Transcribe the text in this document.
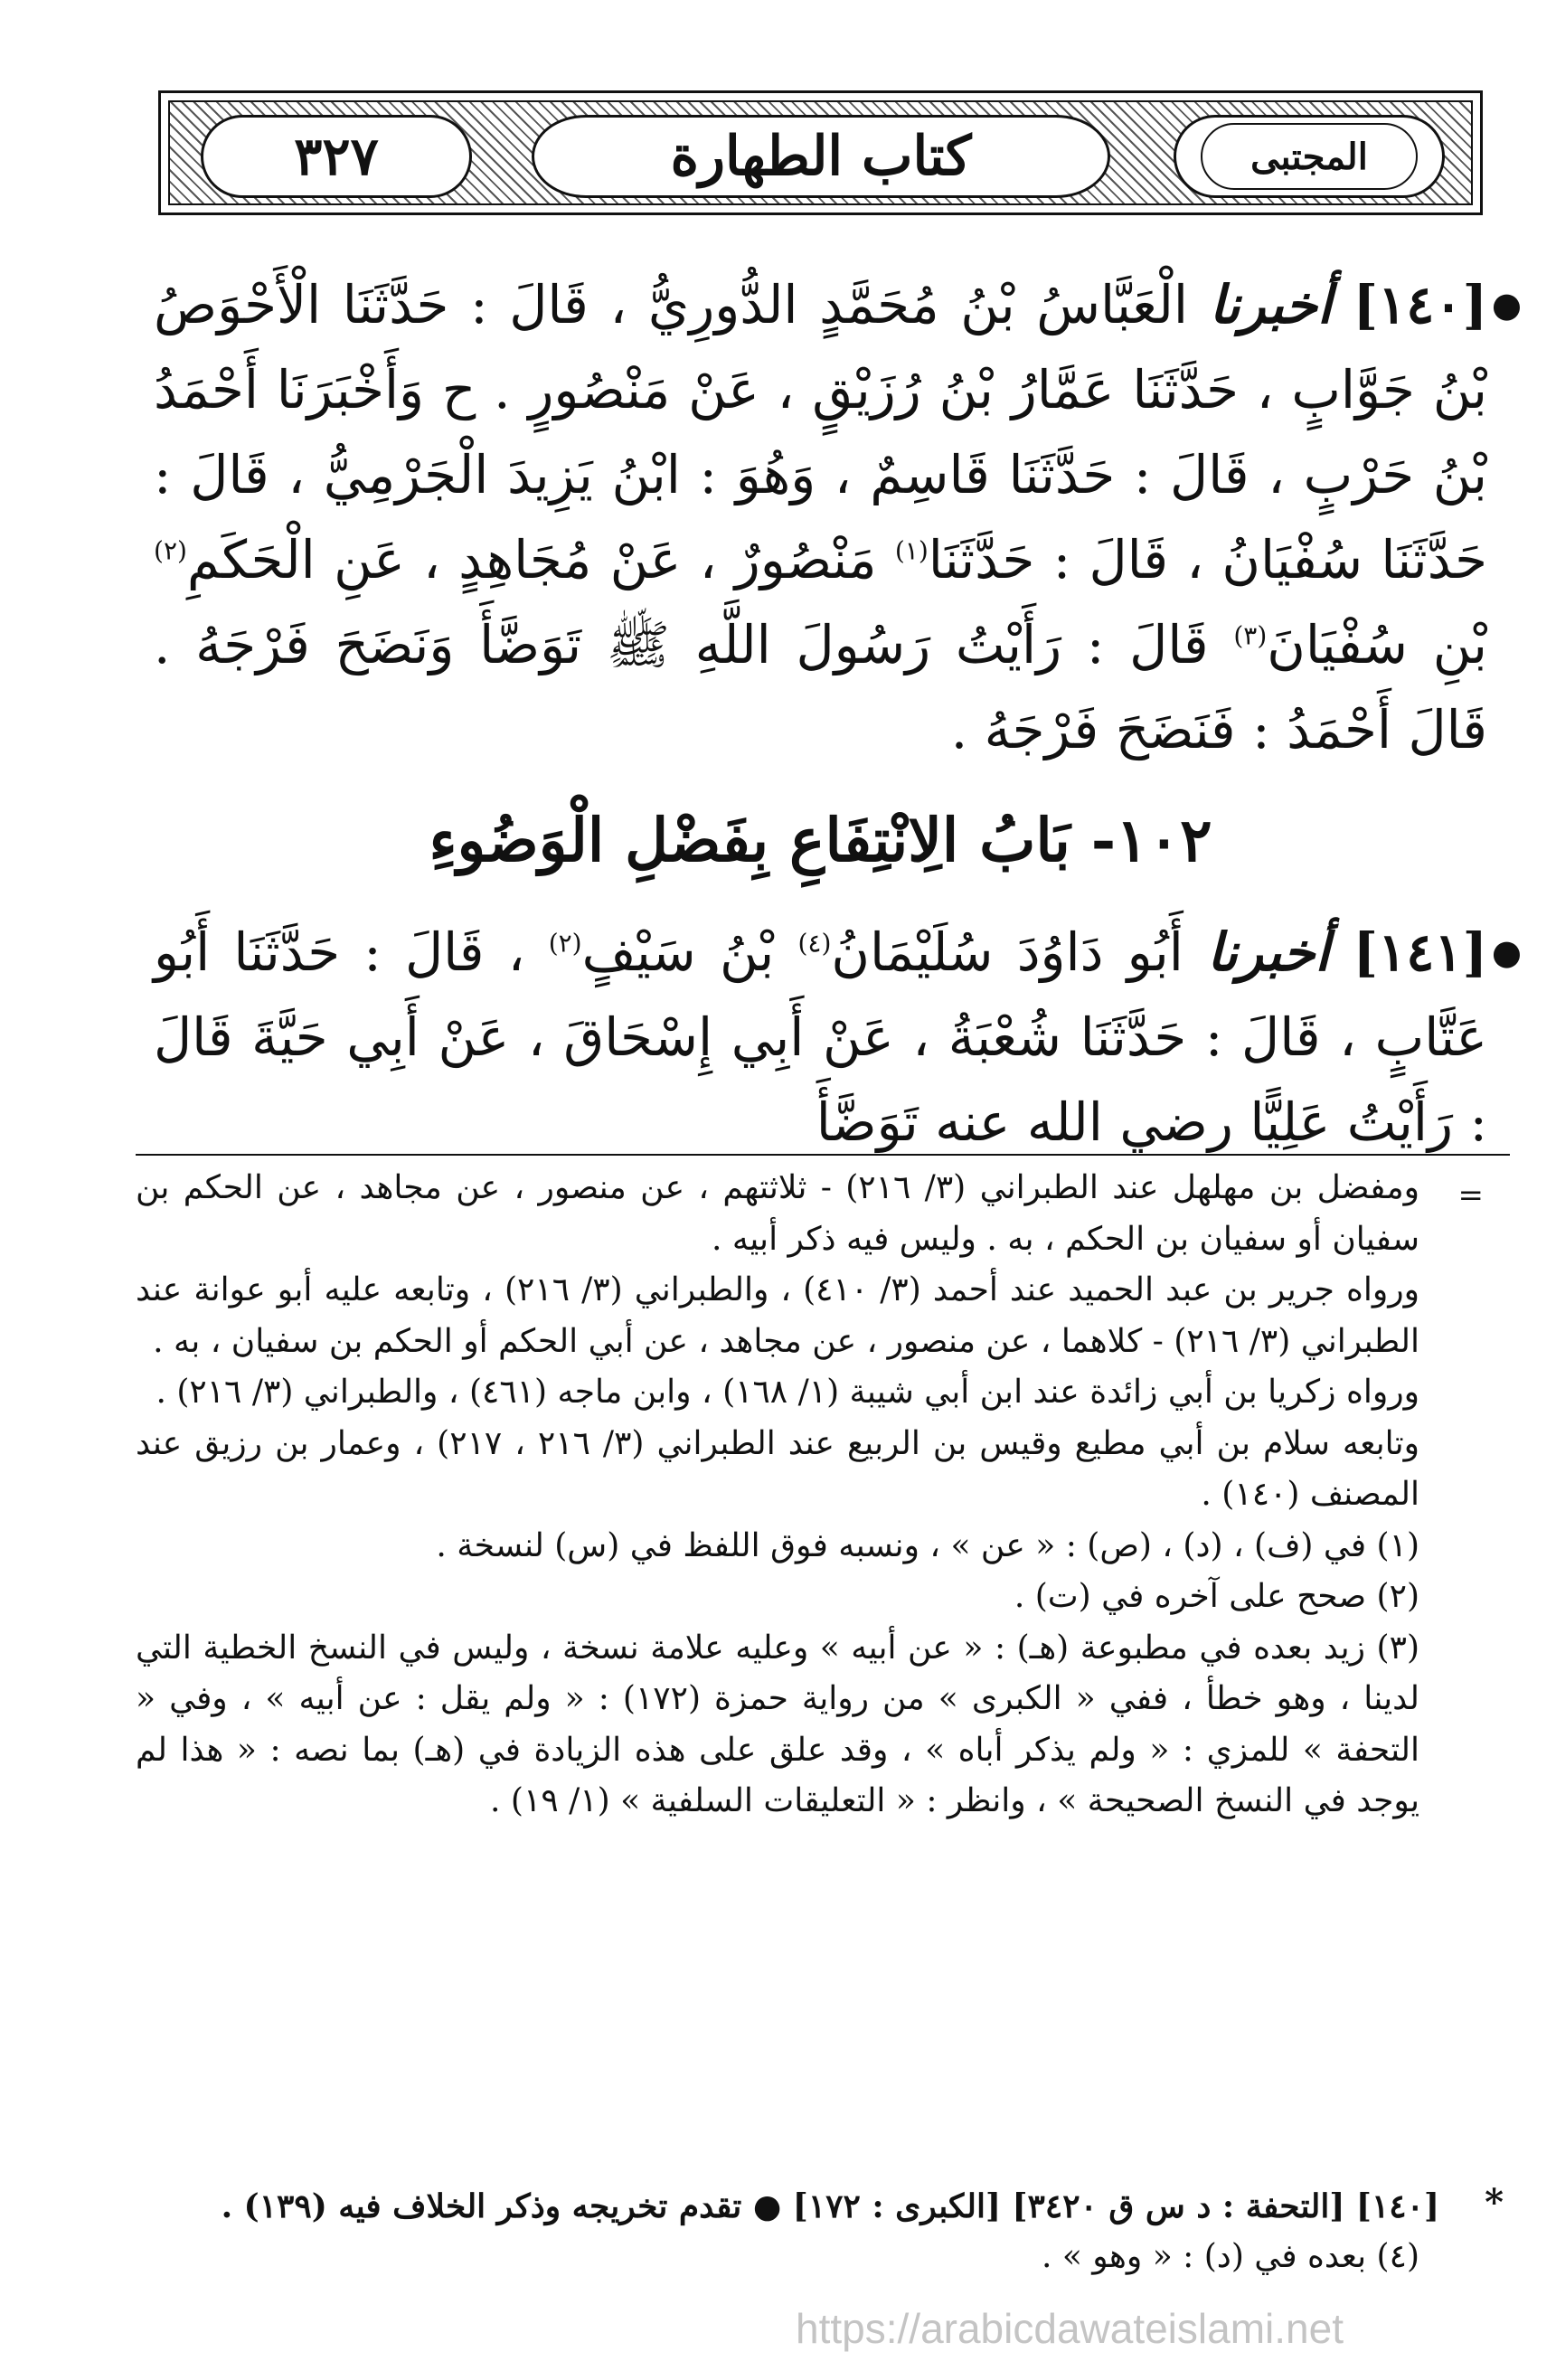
٣٢٧	كتاب الطهارة	المجتبى

●
[١٤٠] أخبرنا الْعَبَّاسُ بْنُ مُحَمَّدٍ الدُّورِيُّ ، قَالَ : حَدَّثَنَا الْأَحْوَصُ بْنُ جَوَّابٍ ، حَدَّثَنَا عَمَّارُ بْنُ رُزَيْقٍ ، عَنْ مَنْصُورٍ . ح وَأَخْبَرَنَا أَحْمَدُ بْنُ حَرْبٍ ، قَالَ : حَدَّثَنَا قَاسِمٌ ، وَهُوَ : ابْنُ يَزِيدَ الْجَرْمِيُّ ، قَالَ : حَدَّثَنَا سُفْيَانُ ، قَالَ : حَدَّثَنَا$^{(١)}$ مَنْصُورٌ ، عَنْ مُجَاهِدٍ ، عَنِ الْحَكَمِ$^{(٢)}$ بْنِ سُفْيَانَ$^{(٣)}$ قَالَ : رَأَيْتُ رَسُولَ اللَّهِ ﷺ تَوَضَّأَ وَنَضَحَ فَرْجَهُ . قَالَ أَحْمَدُ : فَنَضَحَ فَرْجَهُ .

١٠٢- بَابُ الِانْتِفَاعِ بِفَضْلِ الْوَضُوءِ

●
[١٤١] أخبرنا أَبُو دَاوُدَ سُلَيْمَانُ$^{(٤)}$ بْنُ سَيْفٍ$^{(٢)}$ ، قَالَ : حَدَّثَنَا أَبُو عَتَّابٍ ، قَالَ : حَدَّثَنَا شُعْبَةُ ، عَنْ أَبِي إِسْحَاقَ ، عَنْ أَبِي حَيَّةَ قَالَ : رَأَيْتُ عَلِيًّا رضي الله عنه تَوَضَّأَ

=

ومفضل بن مهلهل عند الطبراني (٣/ ٢١٦) - ثلاثتهم ، عن منصور ، عن مجاهد ، عن الحكم بن سفيان أو سفيان بن الحكم ، به . وليس فيه ذكر أبيه .

ورواه جرير بن عبد الحميد عند أحمد (٣/ ٤١٠) ، والطبراني (٣/ ٢١٦) ، وتابعه عليه أبو عوانة عند الطبراني (٣/ ٢١٦) - كلاهما ، عن منصور ، عن مجاهد ، عن أبي الحكم أو الحكم بن سفيان ، به .

ورواه زكريا بن أبي زائدة عند ابن أبي شيبة (١/ ١٦٨) ، وابن ماجه (٤٦١) ، والطبراني (٣/ ٢١٦) .

وتابعه سلام بن أبي مطيع وقيس بن الربيع عند الطبراني (٣/ ٢١٦ ، ٢١٧) ، وعمار بن رزيق عند المصنف (١٤٠) .

(١) في (ف) ، (د) ، (ص) : « عن » ، ونسبه فوق اللفظ في (س) لنسخة .

(٢) صحح على آخره في (ت) .

(٣) زيد بعده في مطبوعة (هـ) : « عن أبيه » وعليه علامة نسخة ، وليس في النسخ الخطية التي لدينا ، وهو خطأ ، ففي « الكبرى » من رواية حمزة (١٧٢) : « ولم يقل : عن أبيه » ، وفي « التحفة » للمزي : « ولم يذكر أباه » ، وقد علق على هذه الزيادة في (هـ) بما نصه : « هذا لم يوجد في النسخ الصحيحة » ، وانظر : « التعليقات السلفية » (١/ ١٩) .

*
[١٤٠] [التحفة : د س ق ٣٤٢٠] [الكبرى : ١٧٢] ● تقدم تخريجه وذكر الخلاف فيه (١٣٩) .
(٤) بعده في (د) : « وهو » .
https://arabicdawateislami.net
